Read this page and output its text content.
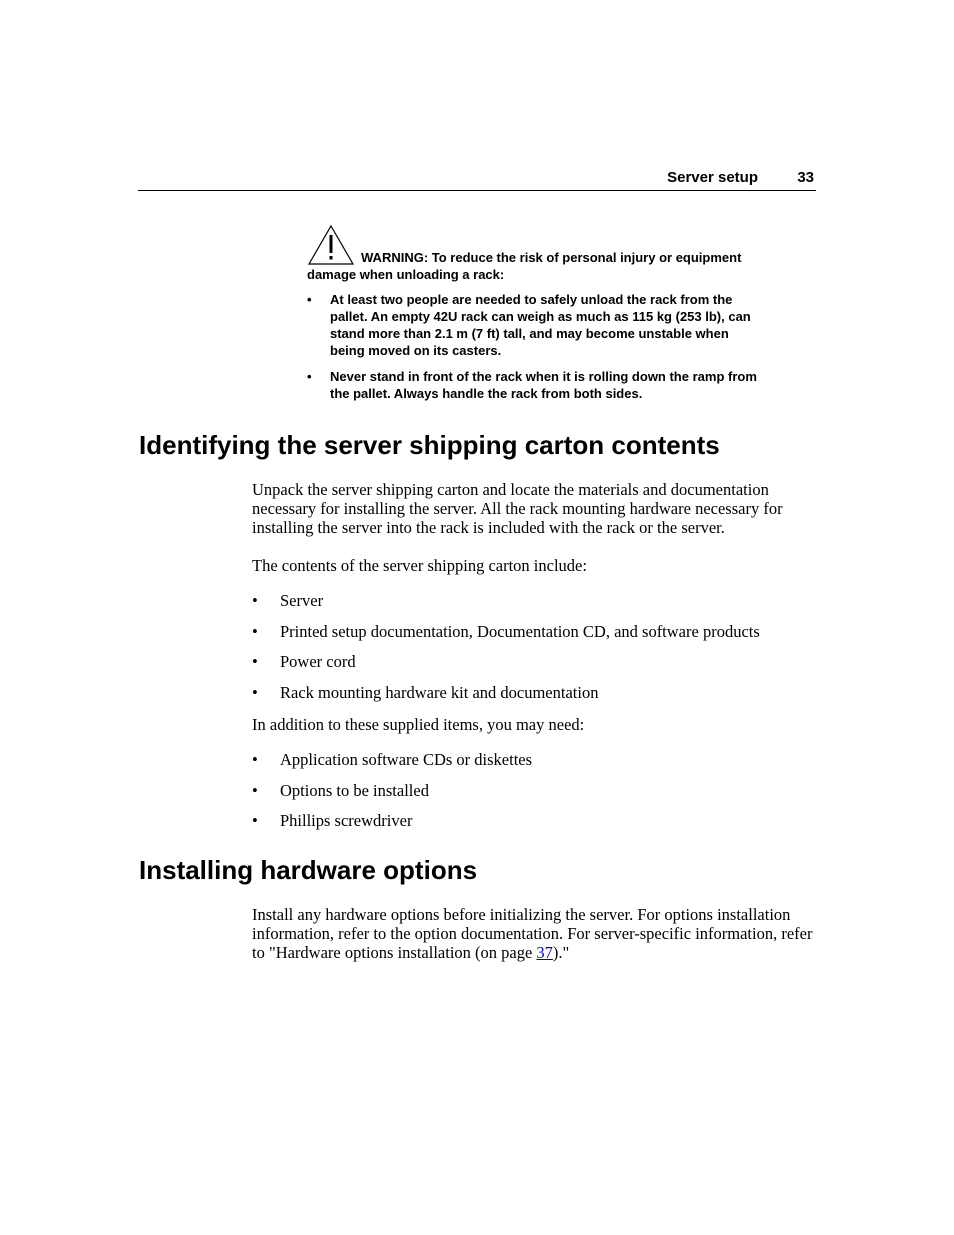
Server setup	33
WARNING: To reduce the risk of personal injury or equipment damage when unloading a rack:
• At least two people are needed to safely unload the rack from the pallet. An empty 42U rack can weigh as much as 115 kg (253 lb), can stand more than 2.1 m (7 ft) tall, and may become unstable when being moved on its casters.
• Never stand in front of the rack when it is rolling down the ramp from the pallet. Always handle the rack from both sides.
Identifying the server shipping carton contents

Unpack the server shipping carton and locate the materials and documentation necessary for installing the server. All the rack mounting hardware necessary for installing the server into the rack is included with the rack or the server.

The contents of the server shipping carton include:

• Server
• Printed setup documentation, Documentation CD, and software products
• Power cord
• Rack mounting hardware kit and documentation

In addition to these supplied items, you may need:

• Application software CDs or diskettes
• Options to be installed
• Phillips screwdriver
Installing hardware options

Install any hardware options before initializing the server. For options installation information, refer to the option documentation. For server-specific information, refer to "Hardware options installation (on page 37)."
